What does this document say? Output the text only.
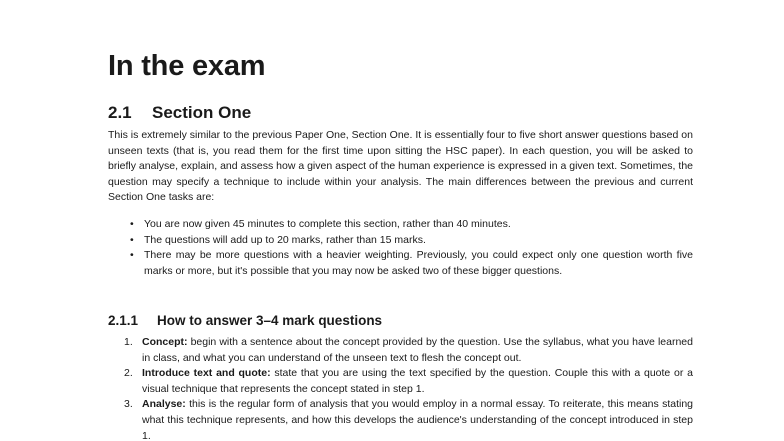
In the exam
2.1 Section One

This is extremely similar to the previous Paper One, Section One. It is essentially four to five short answer questions based on unseen texts (that is, you read them for the first time upon sitting the HSC paper). In each question, you will be asked to briefly analyse, explain, and assess how a given aspect of the human experience is expressed in a given text. Sometimes, the question may specify a technique to include within your analysis. The main differences between the previous and current Section One tasks are:

• You are now given 45 minutes to complete this section, rather than 40 minutes.
• The questions will add up to 20 marks, rather than 15 marks.
• There may be more questions with a heavier weighting. Previously, you could expect only one question worth five marks or more, but it's possible that you may now be asked two of these bigger questions.
2.1.1 How to answer 3–4 mark questions
1. Concept: begin with a sentence about the concept provided by the question. Use the syllabus, what you have learned in class, and what you can understand of the unseen text to flesh the concept out.
2. Introduce text and quote: state that you are using the text specified by the question. Couple this with a quote or a visual technique that represents the concept stated in step 1.
3. Analyse: this is the regular form of analysis that you would employ in a normal essay. To reiterate, this means stating what this technique represents, and how this develops the audience's understanding of the concept introduced in step 1.
